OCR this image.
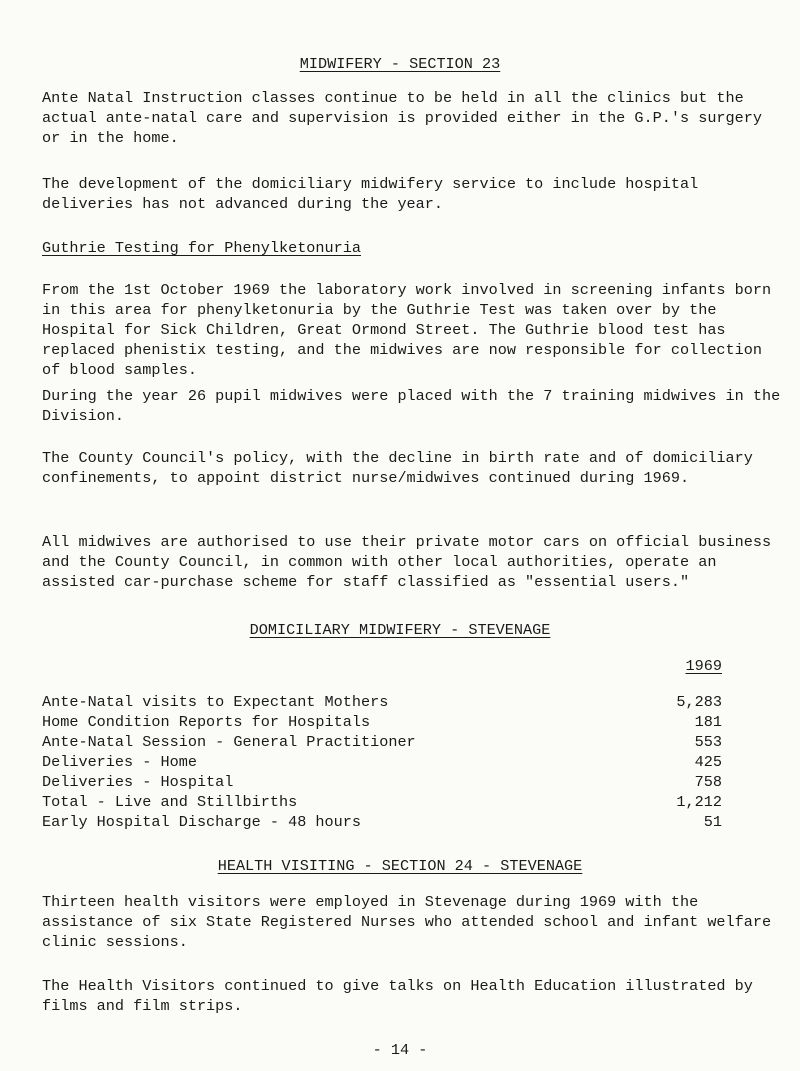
MIDWIFERY - SECTION 23

Ante Natal Instruction classes continue to be held in all the clinics but the actual ante-natal care and supervision is provided either in the G.P.'s surgery or in the home.

The development of the domiciliary midwifery service to include hospital deliveries has not advanced during the year.

Guthrie Testing for Phenylketonuria

From the 1st October 1969 the laboratory work involved in screening infants born in this area for phenylketonuria by the Guthrie Test was taken over by the Hospital for Sick Children, Great Ormond Street. The Guthrie blood test has replaced phenistix testing, and the midwives are now responsible for collection of blood samples.

During the year 26 pupil midwives were placed with the 7 training midwives in the Division.

The County Council's policy, with the decline in birth rate and of domiciliary confinements, to appoint district nurse/midwives continued during 1969.

All midwives are authorised to use their private motor cars on official business and the County Council, in common with other local authorities, operate an assisted car-purchase scheme for staff classified as "essential users."

DOMICILIARY MIDWIFERY - STEVENAGE
1969
Ante-Natal visits to Expectant Mothers	5,283
Home Condition Reports for Hospitals	181
Ante-Natal Session - General Practitioner	553
Deliveries - Home	425
Deliveries - Hospital	758
Total - Live and Stillbirths	1,212
Early Hospital Discharge - 48 hours	51
HEALTH VISITING - SECTION 24 - STEVENAGE

Thirteen health visitors were employed in Stevenage during 1969 with the assistance of six State Registered Nurses who attended school and infant welfare clinic sessions.

The Health Visitors continued to give talks on Health Education illustrated by films and film strips.

- 14 -
